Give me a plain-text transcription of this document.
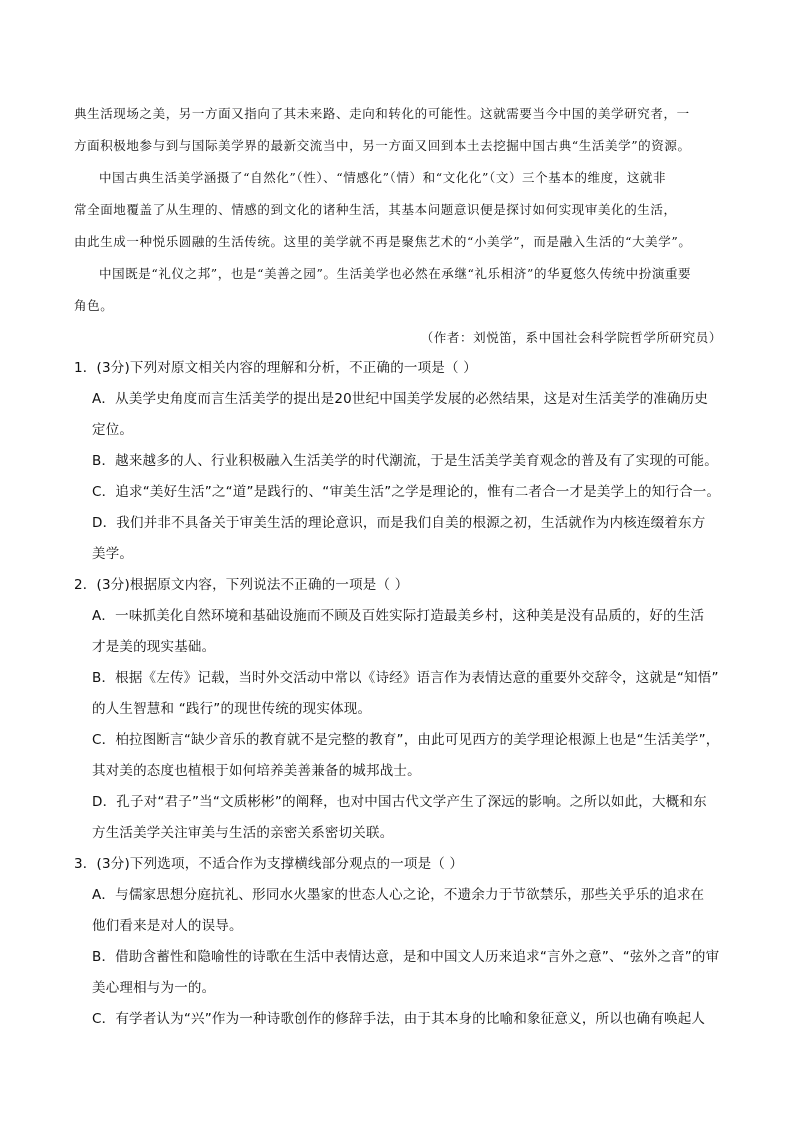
典生活现场之美，另一方面又指向了其未来路、走向和转化的可能性。这就需要当今中国的美学研究者，一
方面积极地参与到与国际美学界的最新交流当中，另一方面又回到本土去挖掘中国古典“生活美学”的资源。

中国古典生活美学涵摄了“自然化”（性）、“情感化”（情）和“文化化”（文）三个基本的维度，这就非
常全面地覆盖了从生理的、情感的到文化的诸种生活，其基本问题意识便是探讨如何实现审美化的生活，
由此生成一种悦乐圆融的生活传统。这里的美学就不再是聚焦艺术的“小美学”，而是融入生活的“大美学”。

中国既是“礼仪之邦”，也是“美善之园”。生活美学也必然在承继“礼乐相济”的华夏悠久传统中扮演重要
角色。

（作者：刘悦笛，系中国社会科学院哲学所研究员）

1．(3分)下列对原文相关内容的理解和分析，不正确的一项是（ ）

A．从美学史角度而言生活美学的提出是20世纪中国美学发展的必然结果，这是对生活美学的准确历史
定位。
B．越来越多的人、行业积极融入生活美学的时代潮流，于是生活美学美育观念的普及有了实现的可能。
C．追求“美好生活”之“道”是践行的、“审美生活”之学是理论的，惟有二者合一才是美学上的知行合一。
D．我们并非不具备关于审美生活的理论意识，而是我们自美的根源之初，生活就作为内核连缀着东方
美学。

2．(3分)根据原文内容，下列说法不正确的一项是（ ）

A．一味抓美化自然环境和基础设施而不顾及百姓实际打造最美乡村，这种美是没有品质的，好的生活
才是美的现实基础。
B．根据《左传》记载，当时外交活动中常以《诗经》语言作为表情达意的重要外交辞令，这就是“知悟”
的人生智慧和 “践行”的现世传统的现实体现。
C．柏拉图断言“缺少音乐的教育就不是完整的教育”，由此可见西方的美学理论根源上也是“生活美学”，
其对美的态度也植根于如何培养美善兼备的城邦战士。
D．孔子对“君子”当“文质彬彬”的阐释，也对中国古代文学产生了深远的影响。之所以如此，大概和东
方生活美学关注审美与生活的亲密关系密切关联。

3．(3分)下列选项，不适合作为支撑横线部分观点的一项是（ ）

A．与儒家思想分庭抗礼、形同水火墨家的世态人心之论，不遗余力于节欲禁乐，那些关乎乐的追求在
他们看来是对人的误导。
B．借助含蓄性和隐喻性的诗歌在生活中表情达意，是和中国文人历来追求“言外之意”、“弦外之音”的审
美心理相与为一的。
C．有学者认为“兴”作为一种诗歌创作的修辞手法，由于其本身的比喻和象征意义，所以也确有唤起人
